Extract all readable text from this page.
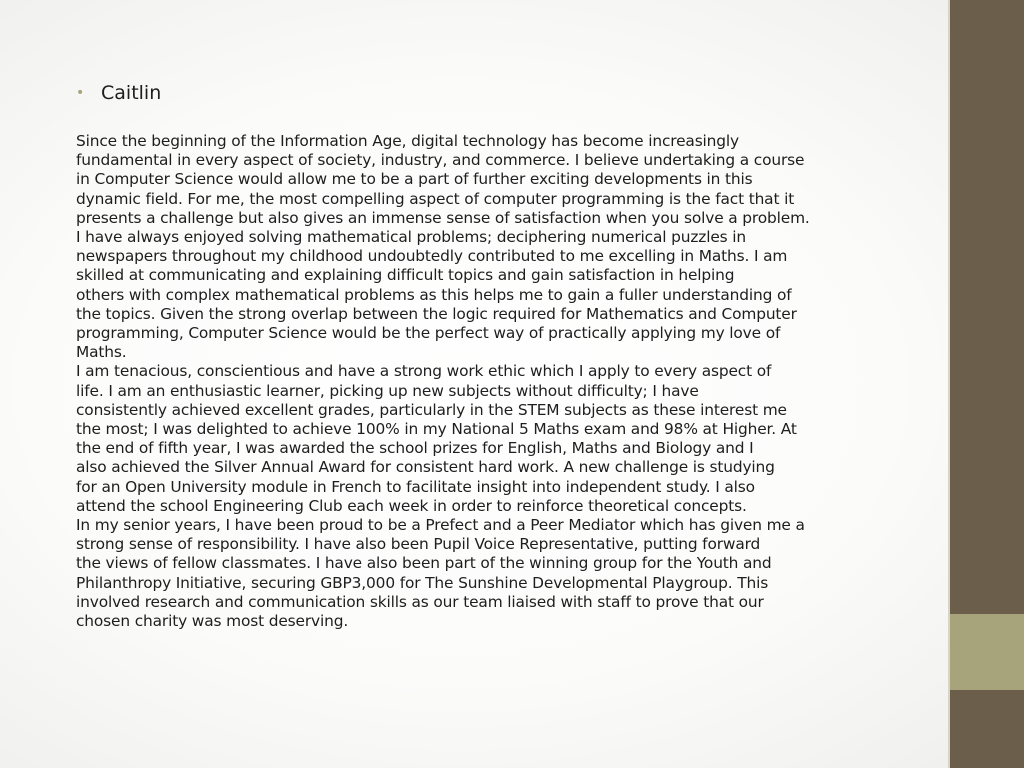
• Caitlin
Since the beginning of the Information Age, digital technology has become increasingly
fundamental in every aspect of society, industry, and commerce. I believe undertaking a course
in Computer Science would allow me to be a part of further exciting developments in this
dynamic field. For me, the most compelling aspect of computer programming is the fact that it
presents a challenge but also gives an immense sense of satisfaction when you solve a problem.
I have always enjoyed solving mathematical problems; deciphering numerical puzzles in
newspapers throughout my childhood undoubtedly contributed to me excelling in Maths. I am
skilled at communicating and explaining difficult topics and gain satisfaction in helping
others with complex mathematical problems as this helps me to gain a fuller understanding of
the topics. Given the strong overlap between the logic required for Mathematics and Computer
programming, Computer Science would be the perfect way of practically applying my love of
Maths.
I am tenacious, conscientious and have a strong work ethic which I apply to every aspect of
life. I am an enthusiastic learner, picking up new subjects without difficulty; I have
consistently achieved excellent grades, particularly in the STEM subjects as these interest me
the most; I was delighted to achieve 100% in my National 5 Maths exam and 98% at Higher. At
the end of fifth year, I was awarded the school prizes for English, Maths and Biology and I
also achieved the Silver Annual Award for consistent hard work. A new challenge is studying
for an Open University module in French to facilitate insight into independent study. I also
attend the school Engineering Club each week in order to reinforce theoretical concepts.
In my senior years, I have been proud to be a Prefect and a Peer Mediator which has given me a
strong sense of responsibility. I have also been Pupil Voice Representative, putting forward
the views of fellow classmates. I have also been part of the winning group for the Youth and
Philanthropy Initiative, securing GBP3,000 for The Sunshine Developmental Playgroup. This
involved research and communication skills as our team liaised with staff to prove that our
chosen charity was most deserving.
